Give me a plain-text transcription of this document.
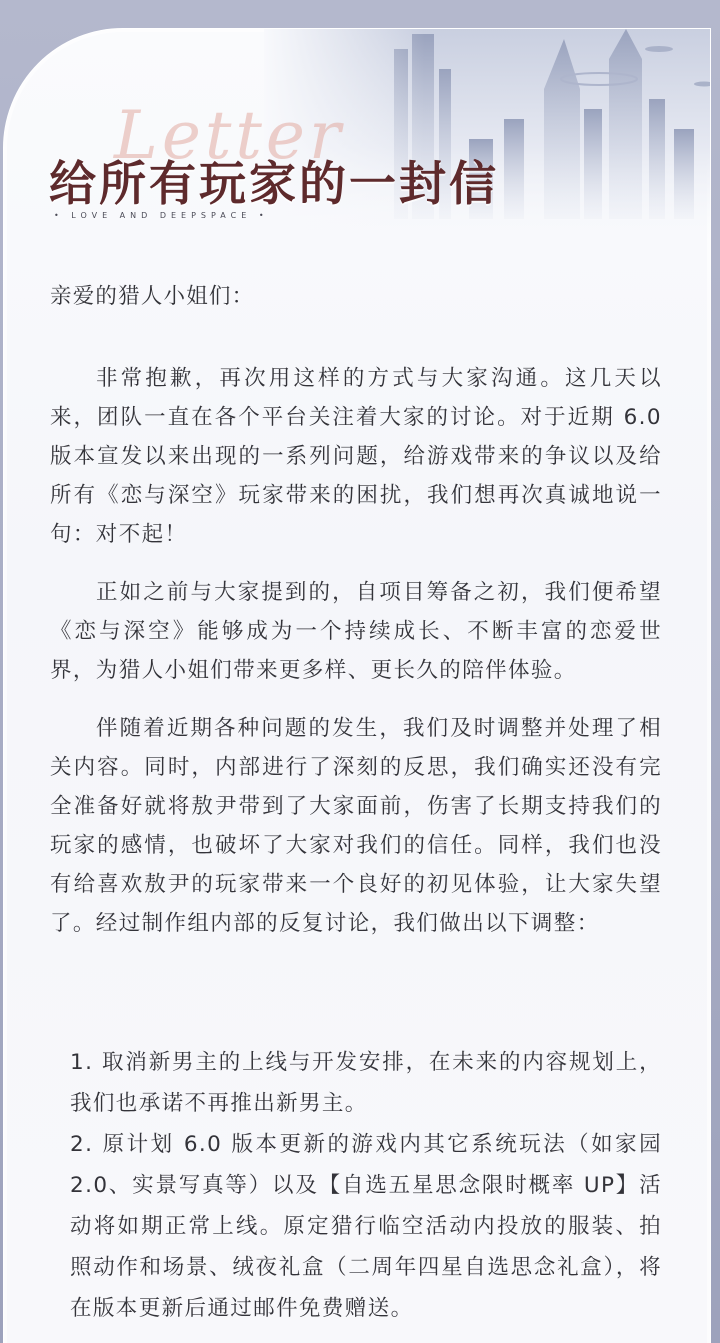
Letter
给所有玩家的一封信
• LOVE AND DEEPSPACE •
亲爱的猎人小姐们：

非常抱歉，再次用这样的方式与大家沟通。这几天以来，团队一直在各个平台关注着大家的讨论。对于近期 6.0 版本宣发以来出现的一系列问题，给游戏带来的争议以及给所有《恋与深空》玩家带来的困扰，我们想再次真诚地说一句：对不起！

正如之前与大家提到的，自项目筹备之初，我们便希望《恋与深空》能够成为一个持续成长、不断丰富的恋爱世界，为猎人小姐们带来更多样、更长久的陪伴体验。

伴随着近期各种问题的发生，我们及时调整并处理了相关内容。同时，内部进行了深刻的反思，我们确实还没有完全准备好就将敖尹带到了大家面前，伤害了长期支持我们的玩家的感情，也破坏了大家对我们的信任。同样，我们也没有给喜欢敖尹的玩家带来一个良好的初见体验，让大家失望了。经过制作组内部的反复讨论，我们做出以下调整：

1. 取消新男主的上线与开发安排，在未来的内容规划上，我们也承诺不再推出新男主。
2. 原计划 6.0 版本更新的游戏内其它系统玩法（如家园 2.0、实景写真等）以及【自选五星思念限时概率 UP】活动将如期正常上线。原定猎行临空活动内投放的服装、拍照动作和场景、绒夜礼盒（二周年四星自选思念礼盒），将在版本更新后通过邮件免费赠送。
